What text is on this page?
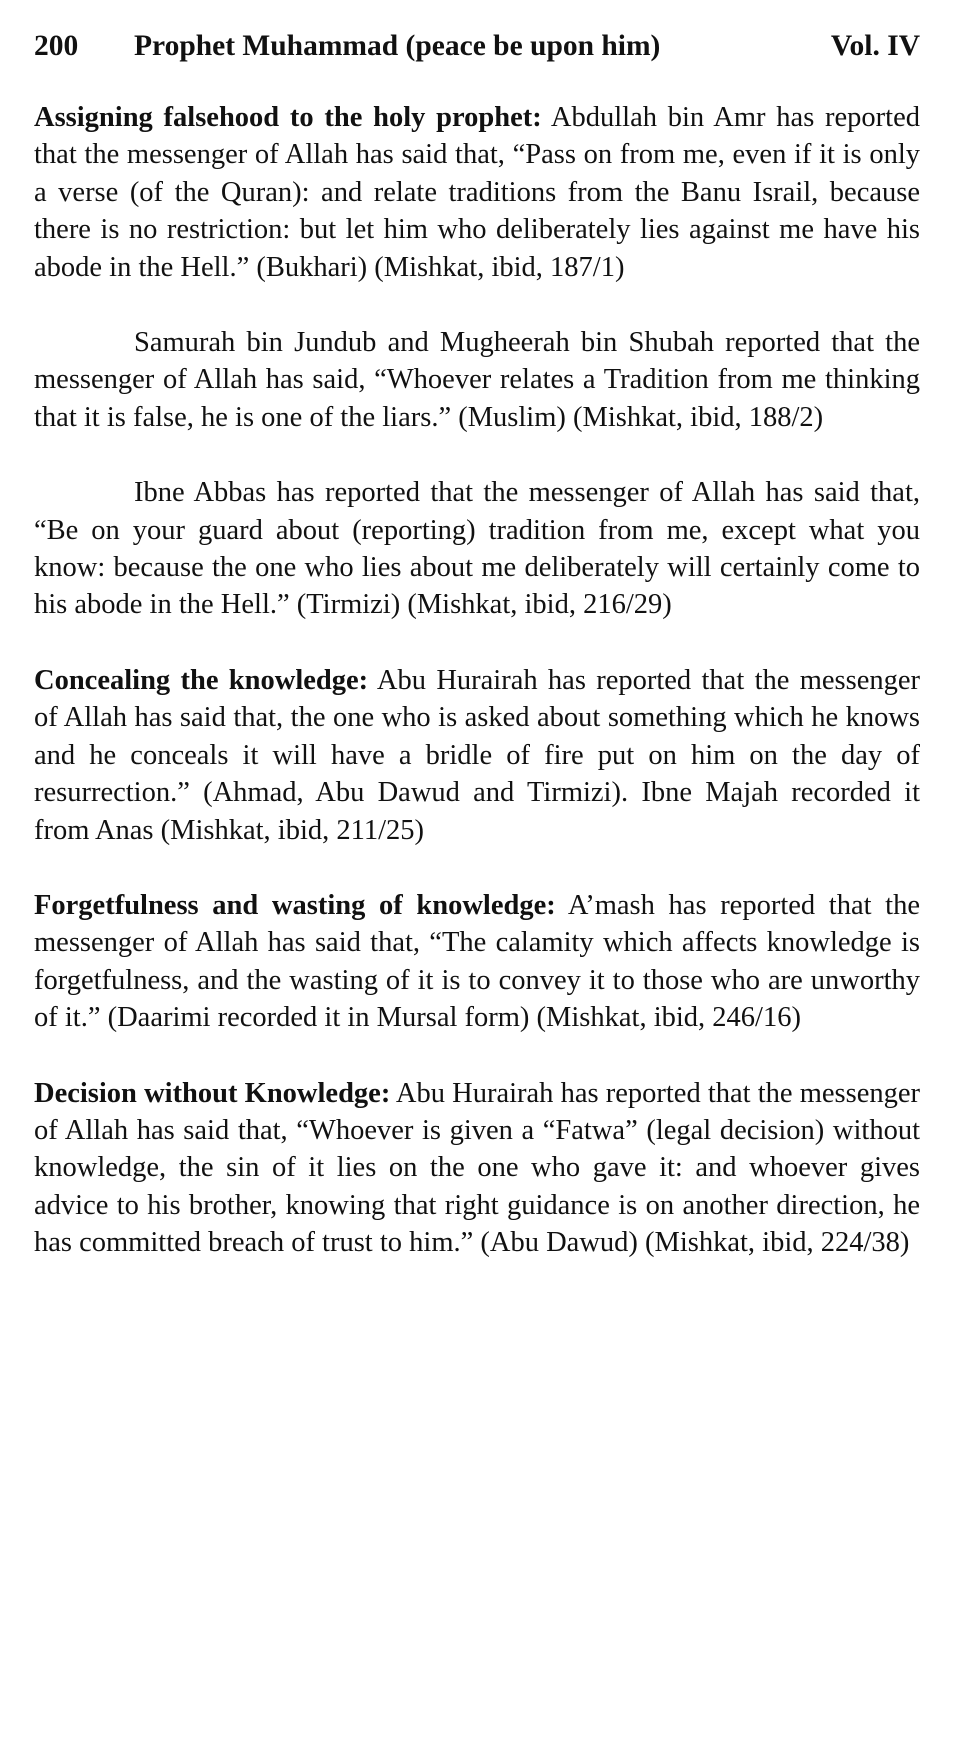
200	Prophet Muhammad (peace be upon him)	Vol. IV

Assigning falsehood to the holy prophet: Abdullah bin Amr has reported that the messenger of Allah has said that, “Pass on from me, even if it is only a verse (of the Quran): and relate traditions from the Banu Israil, because there is no restriction: but let him who deliberately lies against me have his abode in the Hell.” (Bukhari) (Mishkat, ibid, 187/1)

Samurah bin Jundub and Mugheerah bin Shubah reported that the messenger of Allah has said, “Whoever relates a Tradition from me thinking that it is false, he is one of the liars.” (Muslim) (Mishkat, ibid, 188/2)

Ibne Abbas has reported that the messenger of Allah has said that, “Be on your guard about (reporting) tradition from me, except what you know: because the one who lies about me deliberately will certainly come to his abode in the Hell.” (Tirmizi) (Mishkat, ibid, 216/29)

Concealing the knowledge: Abu Hurairah has reported that the messenger of Allah has said that, the one who is asked about something which he knows and he conceals it will have a bridle of fire put on him on the day of resurrection.” (Ahmad, Abu Dawud and Tirmizi). Ibne Majah recorded it from Anas (Mishkat, ibid, 211/25)

Forgetfulness and wasting of knowledge: A’mash has reported that the messenger of Allah has said that, “The calamity which affects knowledge is forgetfulness, and the wasting of it is to convey it to those who are unworthy of it.” (Daarimi recorded it in Mursal form) (Mishkat, ibid, 246/16)

Decision without Knowledge: Abu Hurairah has reported that the messenger of Allah has said that, “Whoever is given a “Fatwa” (legal decision) without knowledge, the sin of it lies on the one who gave it: and whoever gives advice to his brother, knowing that right guidance is on another direction, he has committed breach of trust to him.” (Abu Dawud) (Mishkat, ibid, 224/38)
